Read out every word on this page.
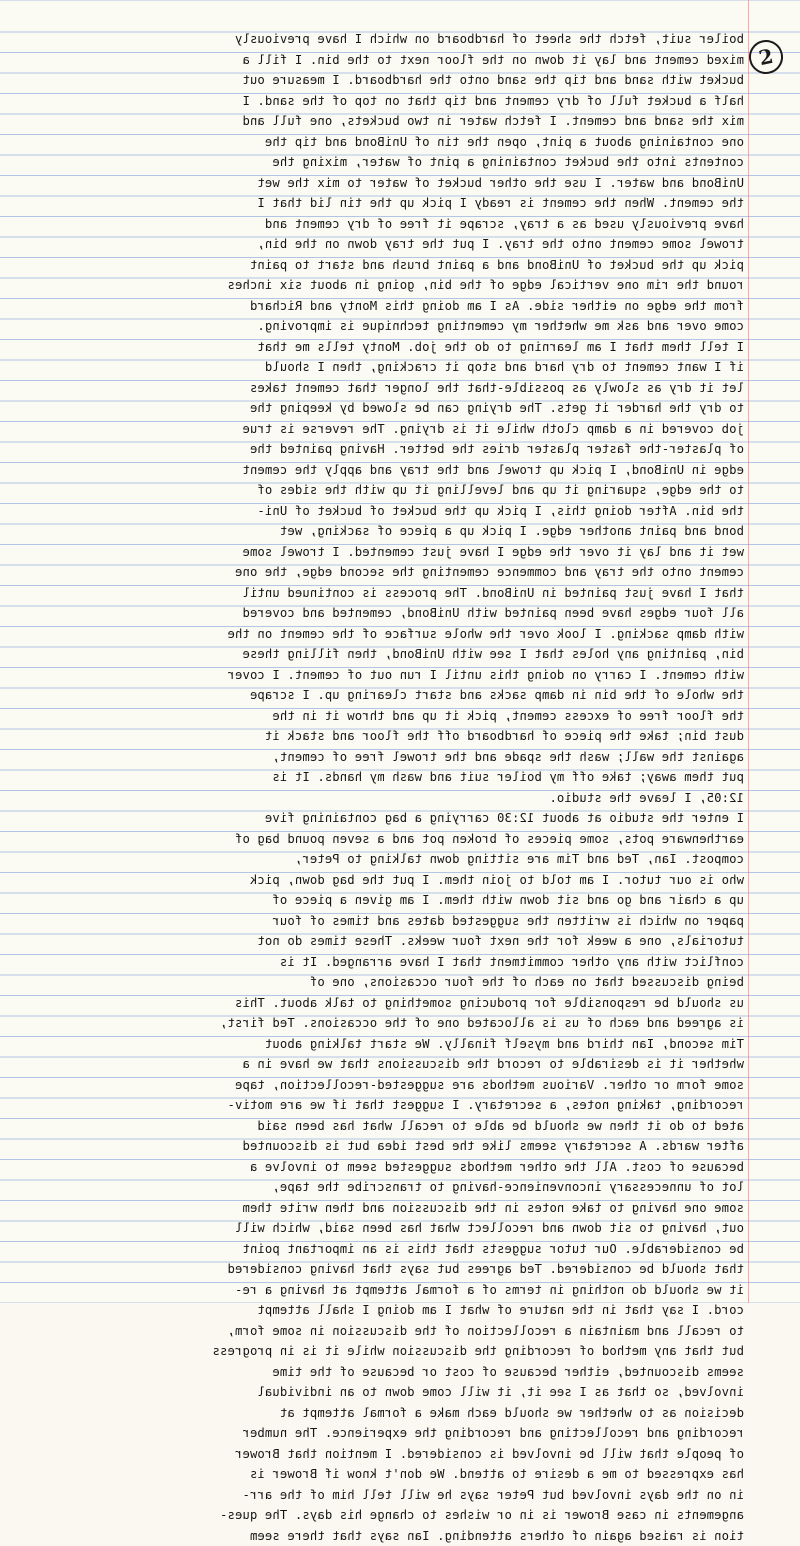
2
boiler suit, fetch the sheet of hardboard on which I have previously
mixed cement and lay it down on the floor next to the bin. I fill a
bucket with sand and tip the sand onto the hardboard. I measure out
half a bucket full of dry cement and tip that on top of the sand. I
mix the sand and cement. I fetch water in two buckets, one full and
one containing about a pint, open the tin of UniBond and tip the
contents into the bucket containing a pint of water, mixing the
UniBond and water. I use the other bucket of water to mix the wet
the cement. When the cement is ready I pick up the tin lid that I
have previously used as a tray, scrape it free of dry cement and
trowel some cement onto the tray. I put the tray down on the bin,
pick up the bucket of UniBond and a paint brush and start to paint
round the rim one vertical edge of the bin, going in about six inches
from the edge on either side. As I am doing this Monty and Richard
come over and ask me whether my cementing technique is improving.
I tell them that I am learning to do the job. Monty tells me that
if I want cement to dry hard and stop it cracking, then I should
let it dry as slowly as possible-that the longer that cement takes
to dry the harder it gets. The drying can be slowed by keeping the
job covered in a damp cloth while it is drying. The reverse is true
of plaster-the faster plaster dries the better. Having painted the
edge in UniBond, I pick up trowel and the tray and apply the cement
to the edge, squaring it up and levelling it up with the sides of
the bin. After doing this, I pick up the bucket of bucket of Uni-
bond and paint another edge. I pick up a piece of sacking, wet
wet it and lay it over the edge I have just cemented. I trowel some
cement onto the tray and commence cementing the second edge, the one
that I have just painted in UniBond. The process is continued until
all four edges have been painted with UniBond, cemented and covered
with damp sacking. I look over the whole surface of the cement on the
bin, painting any holes that I see with UniBond, then filling these
with cement. I carry on doing this until I run out of cement. I cover
the whole of the bin in damp sacks and start clearing up. I scrape
the floor free of excess cement, pick it up and throw it in the
dust bin; take the piece of hardboard off the floor and stack it
against the wall; wash the spade and the trowel free of cement,
put them away; take off my boiler suit and wash my hands. It is
12:05, I leave the studio.
I enter the studio at about 12:30 carrying a bag containing five
earthenware pots, some pieces of broken pot and a seven pound bag of
compost. Ian, Ted and Tim are sitting down talking to Peter,
who is our tutor. I am told to join them. I put the bag down, pick
up a chair and go and sit down with them. I am given a piece of
paper on which is written the suggested dates and times of four
tutorials, one a week for the next four weeks. These times do not
conflict with any other commitment that I have arranged. It is
being discussed that on each of the four occasions, one of
us should be responsible for producing something to talk about. This
is agreed and each of us is allocated one of the occasions. Ted first,
Tim second, Ian third and myself finally. We start talking about
whether it is desirable to record the discussions that we have in a
some form or other. Various methods are suggested-recollection, tape
recording, taking notes, a secretary. I suggest that if we are motiv-
ated to do it then we should be able to recall what has been said
after wards. A secretary seems like the best idea but is discounted
because of cost. All the other methods suggested seem to involve a
lot of unnecessary inconvenience-having to transcribe the tape,
some one having to take notes in the discussion and then write them
out, having to sit down and recollect what has been said, which will
be considerable. Our tutor suggests that this is an important point
that should be considered. Ted agrees but says that having considered
it we should do nothing in terms of a formal attempt at having a re-
cord. I say that in the nature of what I am doing I shall attempt
to recall and maintain a recollection of the discussion in some form,
but that any method of recording the discussion while it is in progress
seems discounted, either because of cost or because of the time
involved, so that as I see it, it will come down to an individual
decision as to whether we should each make a formal attempt at
recording and recollecting and recording the experience. The number
of people that will be involved is considered. I mention that Brower
has expressed to me a desire to attend. We don't know if Brower is
in on the days involved but Peter says he will tell him of the arr-
angements in case Brower is in or wishes to change his days. The ques-
tion is raised again of others attending. Ian says that there seem
